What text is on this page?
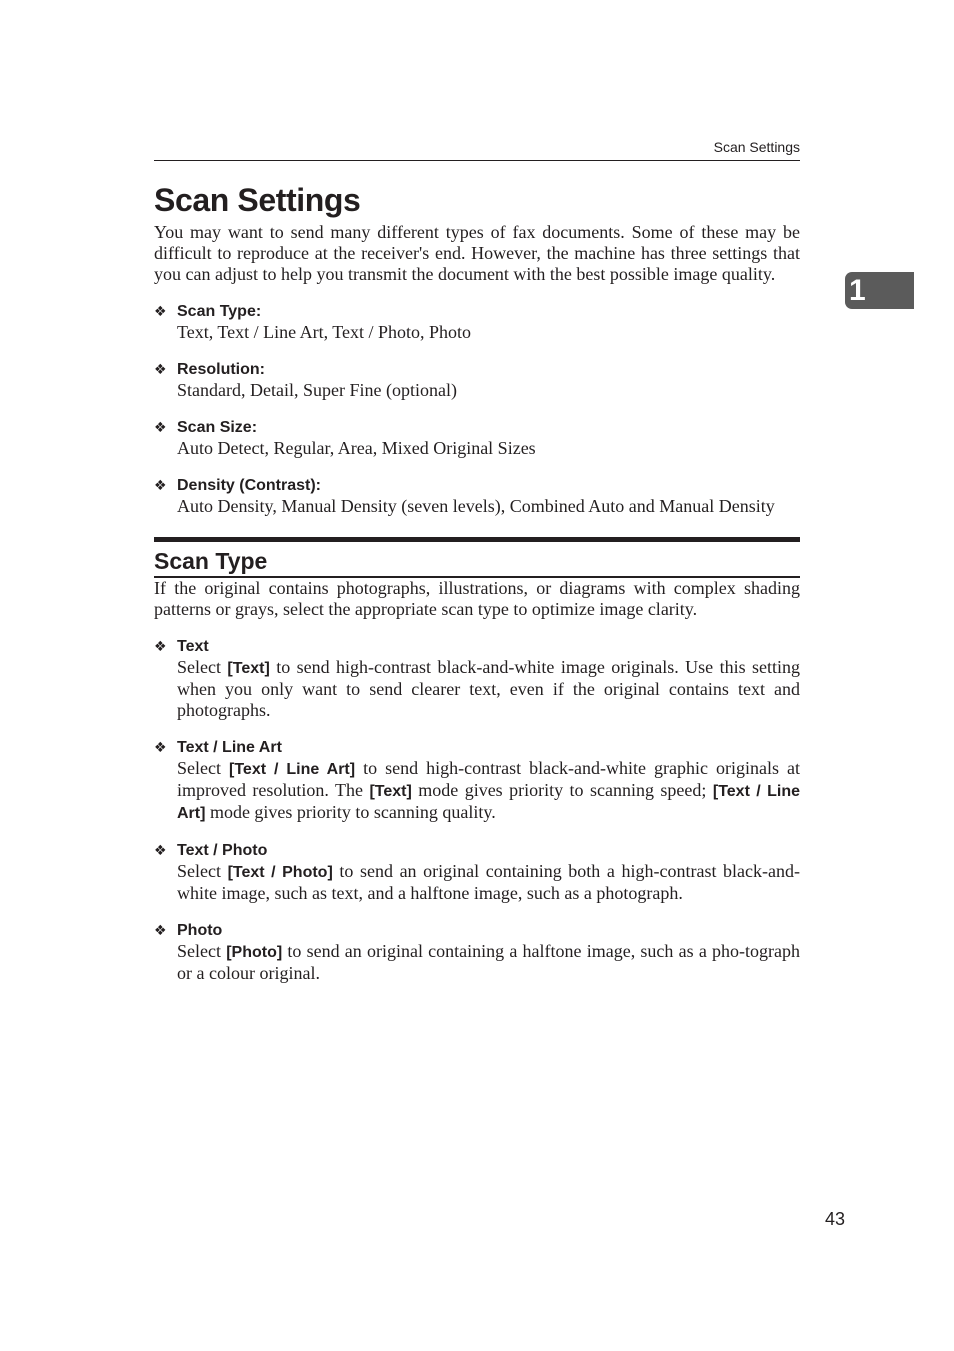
Scan Settings
1
Scan Settings

You may want to send many different types of fax documents. Some of these may be difficult to reproduce at the receiver's end. However, the machine has three settings that you can adjust to help you transmit the document with the best possible image quality.

❖ Scan Type:
Text, Text / Line Art, Text / Photo, Photo
❖ Resolution:
Standard, Detail, Super Fine (optional)
❖ Scan Size:
Auto Detect, Regular, Area, Mixed Original Sizes
❖ Density (Contrast):
Auto Density, Manual Density (seven levels), Combined Auto and Manual Density
Scan Type

If the original contains photographs, illustrations, or diagrams with complex shading patterns or grays, select the appropriate scan type to optimize image clarity.

❖ Text
Select [Text] to send high-contrast black-and-white image originals. Use this setting when you only want to send clearer text, even if the original contains text and photographs.
❖ Text / Line Art
Select [Text / Line Art] to send high-contrast black-and-white graphic originals at improved resolution. The [Text] mode gives priority to scanning speed; [Text / Line Art] mode gives priority to scanning quality.
❖ Text / Photo
Select [Text / Photo] to send an original containing both a high-contrast black-and-white image, such as text, and a halftone image, such as a photograph.
❖ Photo
Select [Photo] to send an original containing a halftone image, such as a pho-tograph or a colour original.
43
